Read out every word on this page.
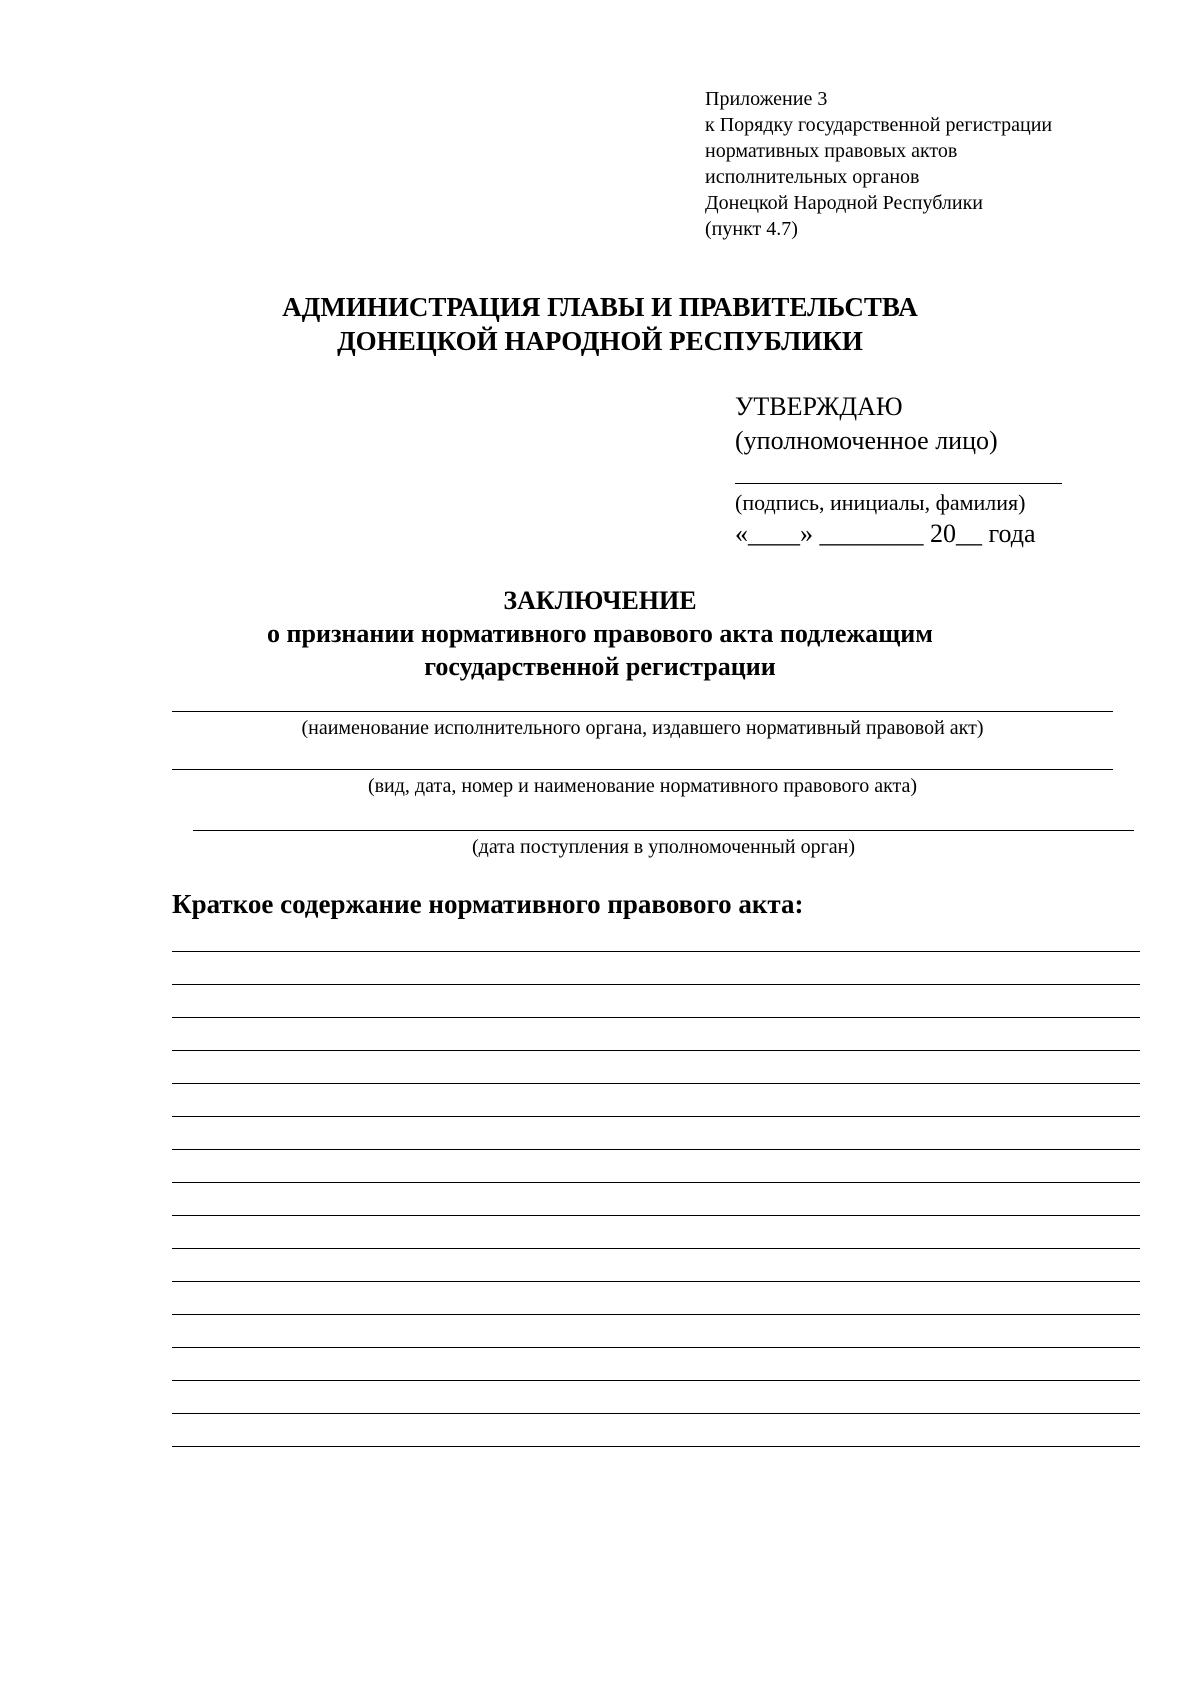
Приложение 3
к Порядку государственной регистрации
нормативных правовых актов
исполнительных органов
Донецкой Народной Республики
(пункт 4.7)
АДМИНИСТРАЦИЯ ГЛАВЫ И ПРАВИТЕЛЬСТВА
ДОНЕЦКОЙ НАРОДНОЙ РЕСПУБЛИКИ
УТВЕРЖДАЮ
(уполномоченное лицо)
(подпись, инициалы, фамилия)
«____» ________ 20__ года
ЗАКЛЮЧЕНИЕ
о признании нормативного правового акта подлежащим
государственной регистрации
(наименование исполнительного органа, издавшего нормативный правовой акт)
(вид, дата, номер и наименование нормативного правового акта)
(дата поступления в уполномоченный орган)
Краткое содержание нормативного правового акта:
